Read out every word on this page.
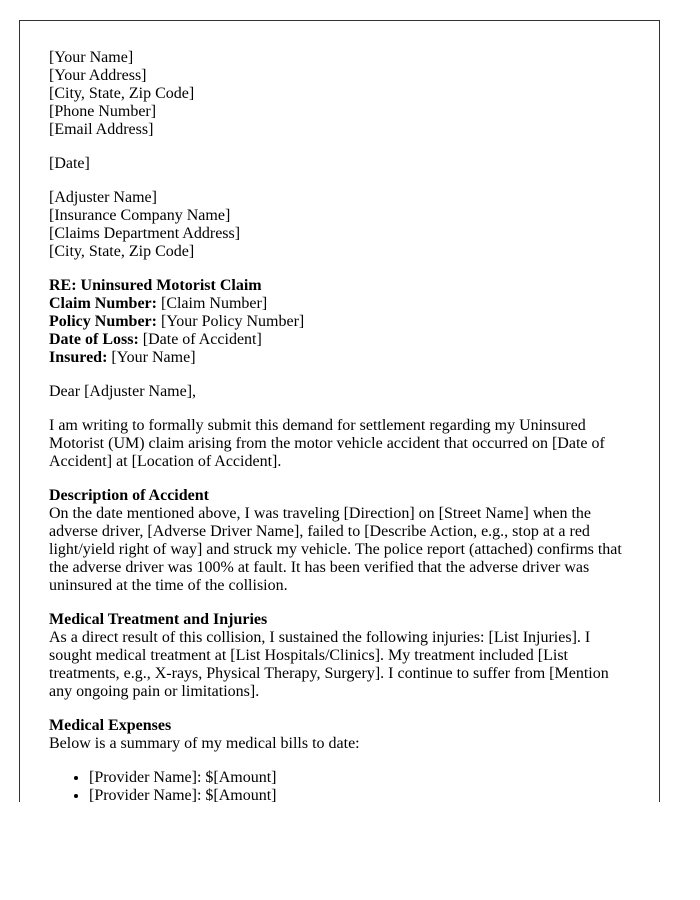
[Your Name]
[Your Address]
[City, State, Zip Code]
[Phone Number]
[Email Address]

[Date]

[Adjuster Name]
[Insurance Company Name]
[Claims Department Address]
[City, State, Zip Code]

RE: Uninsured Motorist Claim
Claim Number: [Claim Number]
Policy Number: [Your Policy Number]
Date of Loss: [Date of Accident]
Insured: [Your Name]

Dear [Adjuster Name],

I am writing to formally submit this demand for settlement regarding my Uninsured Motorist (UM) claim arising from the motor vehicle accident that occurred on [Date of Accident] at [Location of Accident].

Description of Accident
On the date mentioned above, I was traveling [Direction] on [Street Name] when the adverse driver, [Adverse Driver Name], failed to [Describe Action, e.g., stop at a red light/yield right of way] and struck my vehicle. The police report (attached) confirms that the adverse driver was 100% at fault. It has been verified that the adverse driver was uninsured at the time of the collision.

Medical Treatment and Injuries
As a direct result of this collision, I sustained the following injuries: [List Injuries]. I sought medical treatment at [List Hospitals/Clinics]. My treatment included [List treatments, e.g., X-rays, Physical Therapy, Surgery]. I continue to suffer from [Mention any ongoing pain or limitations].

Medical Expenses
Below is a summary of my medical bills to date:

• [Provider Name]: $[Amount]
• [Provider Name]: $[Amount]
